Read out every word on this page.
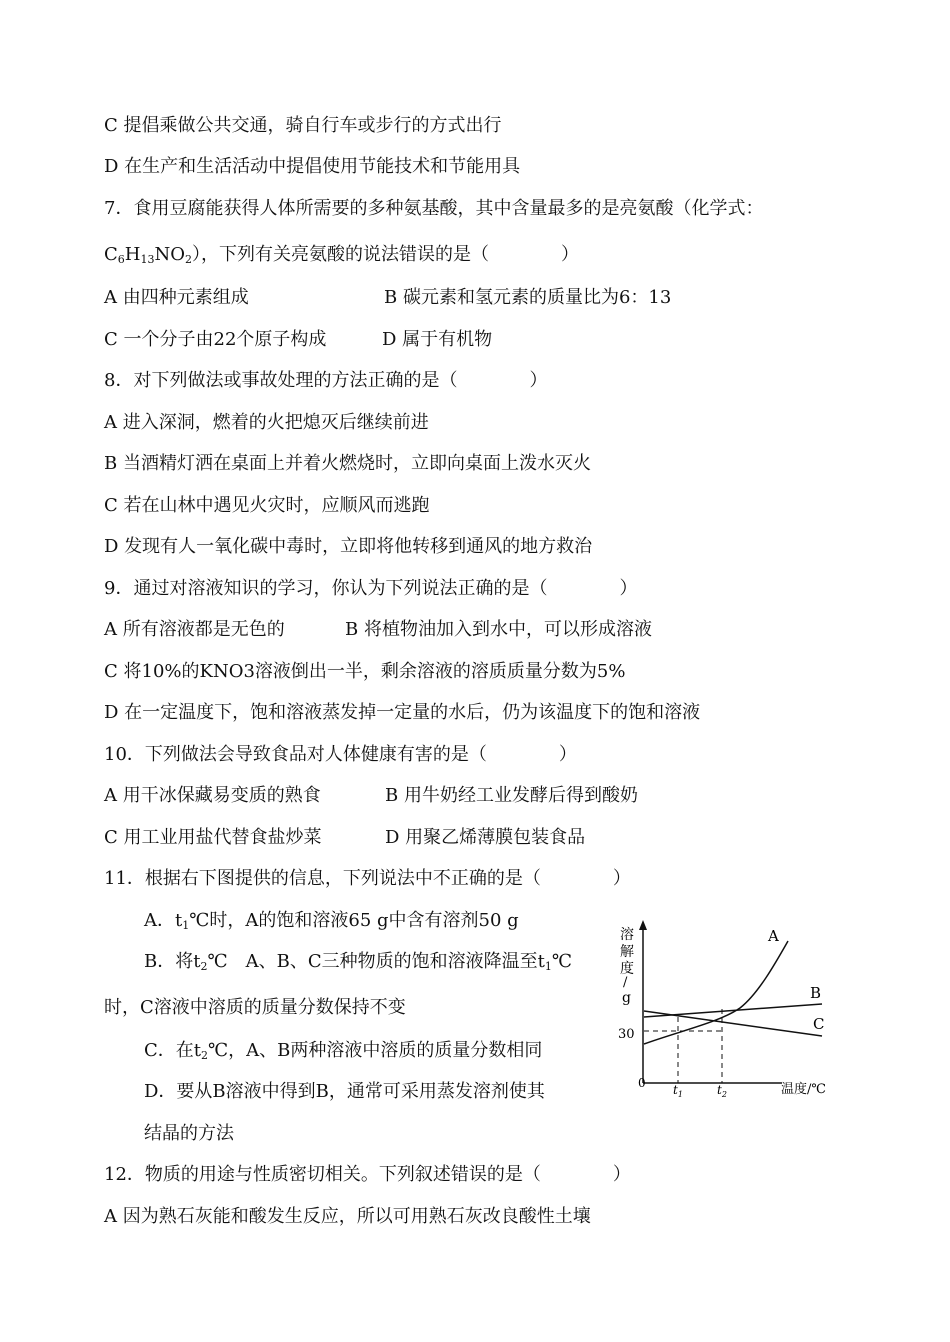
C 提倡乘做公共交通，骑自行车或步行的方式出行
D 在生产和生活活动中提倡使用节能技术和节能用具
7．食用豆腐能获得人体所需要的多种氨基酸，其中含量最多的是亮氨酸（化学式：
$C_6H_{13}NO_2$），下列有关亮氨酸的说法错误的是（　　　　）
A 由四种元素组成	B 碳元素和氢元素的质量比为6：13
C 一个分子由22个原子构成	D 属于有机物
8．对下列做法或事故处理的方法正确的是（　　　　）
A 进入深洞，燃着的火把熄灭后继续前进
B 当酒精灯洒在桌面上并着火燃烧时，立即向桌面上泼水灭火
C 若在山林中遇见火灾时，应顺风而逃跑
D 发现有人一氧化碳中毒时，立即将他转移到通风的地方救治
9．通过对溶液知识的学习，你认为下列说法正确的是（　　　　）
A 所有溶液都是无色的	B 将植物油加入到水中，可以形成溶液
C 将10%的KNO3溶液倒出一半，剩余溶液的溶质质量分数为5%
D 在一定温度下，饱和溶液蒸发掉一定量的水后，仍为该温度下的饱和溶液
10．下列做法会导致食品对人体健康有害的是（　　　　）
A 用干冰保藏易变质的熟食	B 用牛奶经工业发酵后得到酸奶
C 用工业用盐代替食盐炒菜	D 用聚乙烯薄膜包装食品
11．根据右下图提供的信息，下列说法中不正确的是（　　　　）
A．$t_1℃$时，A的饱和溶液65 g中含有溶剂50 g
B．将$t_2℃$　A、B、C三种物质的饱和溶液降温至$t_1℃$
时，C溶液中溶质的质量分数保持不变
C．在$t_2℃$，A、B两种溶液中溶质的质量分数相同
D．要从B溶液中得到B，通常可采用蒸发溶剂使其
结晶的方法
12．物质的用途与性质密切相关。下列叙述错误的是（　　　　）
A 因为熟石灰能和酸发生反应，所以可用熟石灰改良酸性土壤
溶
解
度
/
g
30
0 $t_1$	$t_2$	温度/℃
A
B
C
